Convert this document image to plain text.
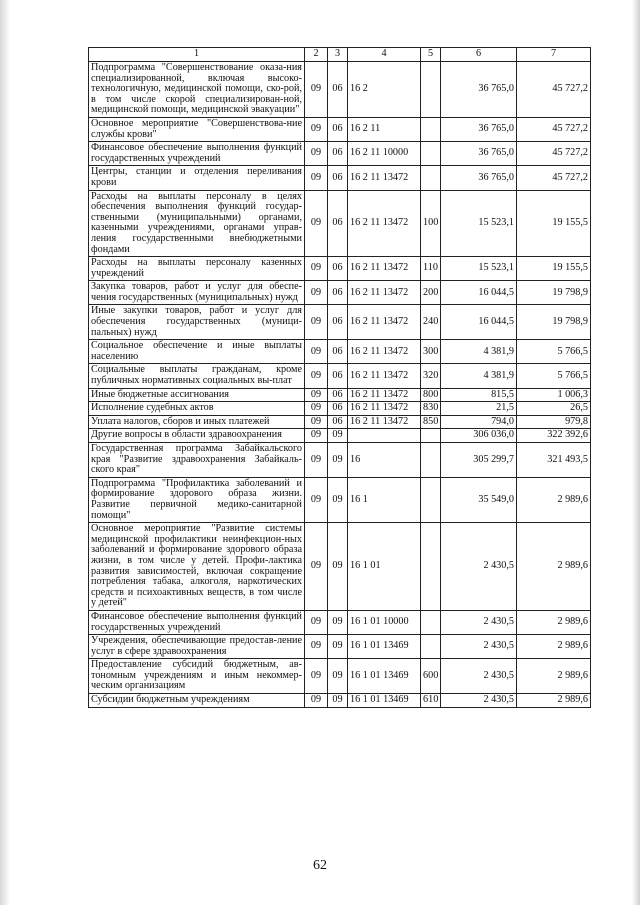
1	2	3	4	5	6	7
Подпрограмма "Совершенствование оказа-ния специализированной, включая высоко-технологичную, медицинской помощи, ско-рой, в том числе скорой специализирован-ной, медицинской помощи, медицинской эвакуации"	09	06	16 2		36 765,0	45 727,2
Основное мероприятие "Совершенствова-ние службы крови"	09	06	16 2 11		36 765,0	45 727,2
Финансовое обеспечение выполнения функций государственных учреждений	09	06	16 2 11 10000		36 765,0	45 727,2
Центры, станции и отделения переливания крови	09	06	16 2 11 13472		36 765,0	45 727,2
Расходы на выплаты персоналу в целях обеспечения выполнения функций государ-ственными (муниципальными) органами, казенными учреждениями, органами управ-ления государственными внебюджетными фондами	09	06	16 2 11 13472	100	15 523,1	19 155,5
Расходы на выплаты персоналу казенных учреждений	09	06	16 2 11 13472	110	15 523,1	19 155,5
Закупка товаров, работ и услуг для обеспе-чения государственных (муниципальных) нужд	09	06	16 2 11 13472	200	16 044,5	19 798,9
Иные закупки товаров, работ и услуг для обеспечения государственных (муници-пальных) нужд	09	06	16 2 11 13472	240	16 044,5	19 798,9
Социальное обеспечение и иные выплаты населению	09	06	16 2 11 13472	300	4 381,9	5 766,5
Социальные выплаты гражданам, кроме публичных нормативных социальных вы-плат	09	06	16 2 11 13472	320	4 381,9	5 766,5
Иные бюджетные ассигнования	09	06	16 2 11 13472	800	815,5	1 006,3
Исполнение судебных актов	09	06	16 2 11 13472	830	21,5	26,5
Уплата налогов, сборов и иных платежей	09	06	16 2 11 13472	850	794,0	979,8
Другие вопросы в области здравоохранения	09	09			306 036,0	322 392,6
Государственная программа Забайкальского края "Развитие здравоохранения Забайкаль-ского края"	09	09	16		305 299,7	321 493,5
Подпрограмма "Профилактика заболеваний и формирование здорового образа жизни. Развитие первичной медико-санитарной помощи"	09	09	16 1		35 549,0	2 989,6
Основное мероприятие "Развитие системы медицинской профилактики неинфекцион-ных заболеваний и формирование здорового образа жизни, в том числе у детей. Профи-лактика развития зависимостей, включая сокращение потребления табака, алкоголя, наркотических средств и психоактивных веществ, в том числе у детей"	09	09	16 1 01		2 430,5	2 989,6
Финансовое обеспечение выполнения функций государственных учреждений	09	09	16 1 01 10000		2 430,5	2 989,6
Учреждения, обеспечивающие предостав-ление услуг в сфере здравоохранения	09	09	16 1 01 13469		2 430,5	2 989,6
Предоставление субсидий бюджетным, ав-тономным учреждениям и иным некоммер-ческим организациям	09	09	16 1 01 13469	600	2 430,5	2 989,6
Субсидии бюджетным учреждениям	09	09	16 1 01 13469	610	2 430,5	2 989,6
62
